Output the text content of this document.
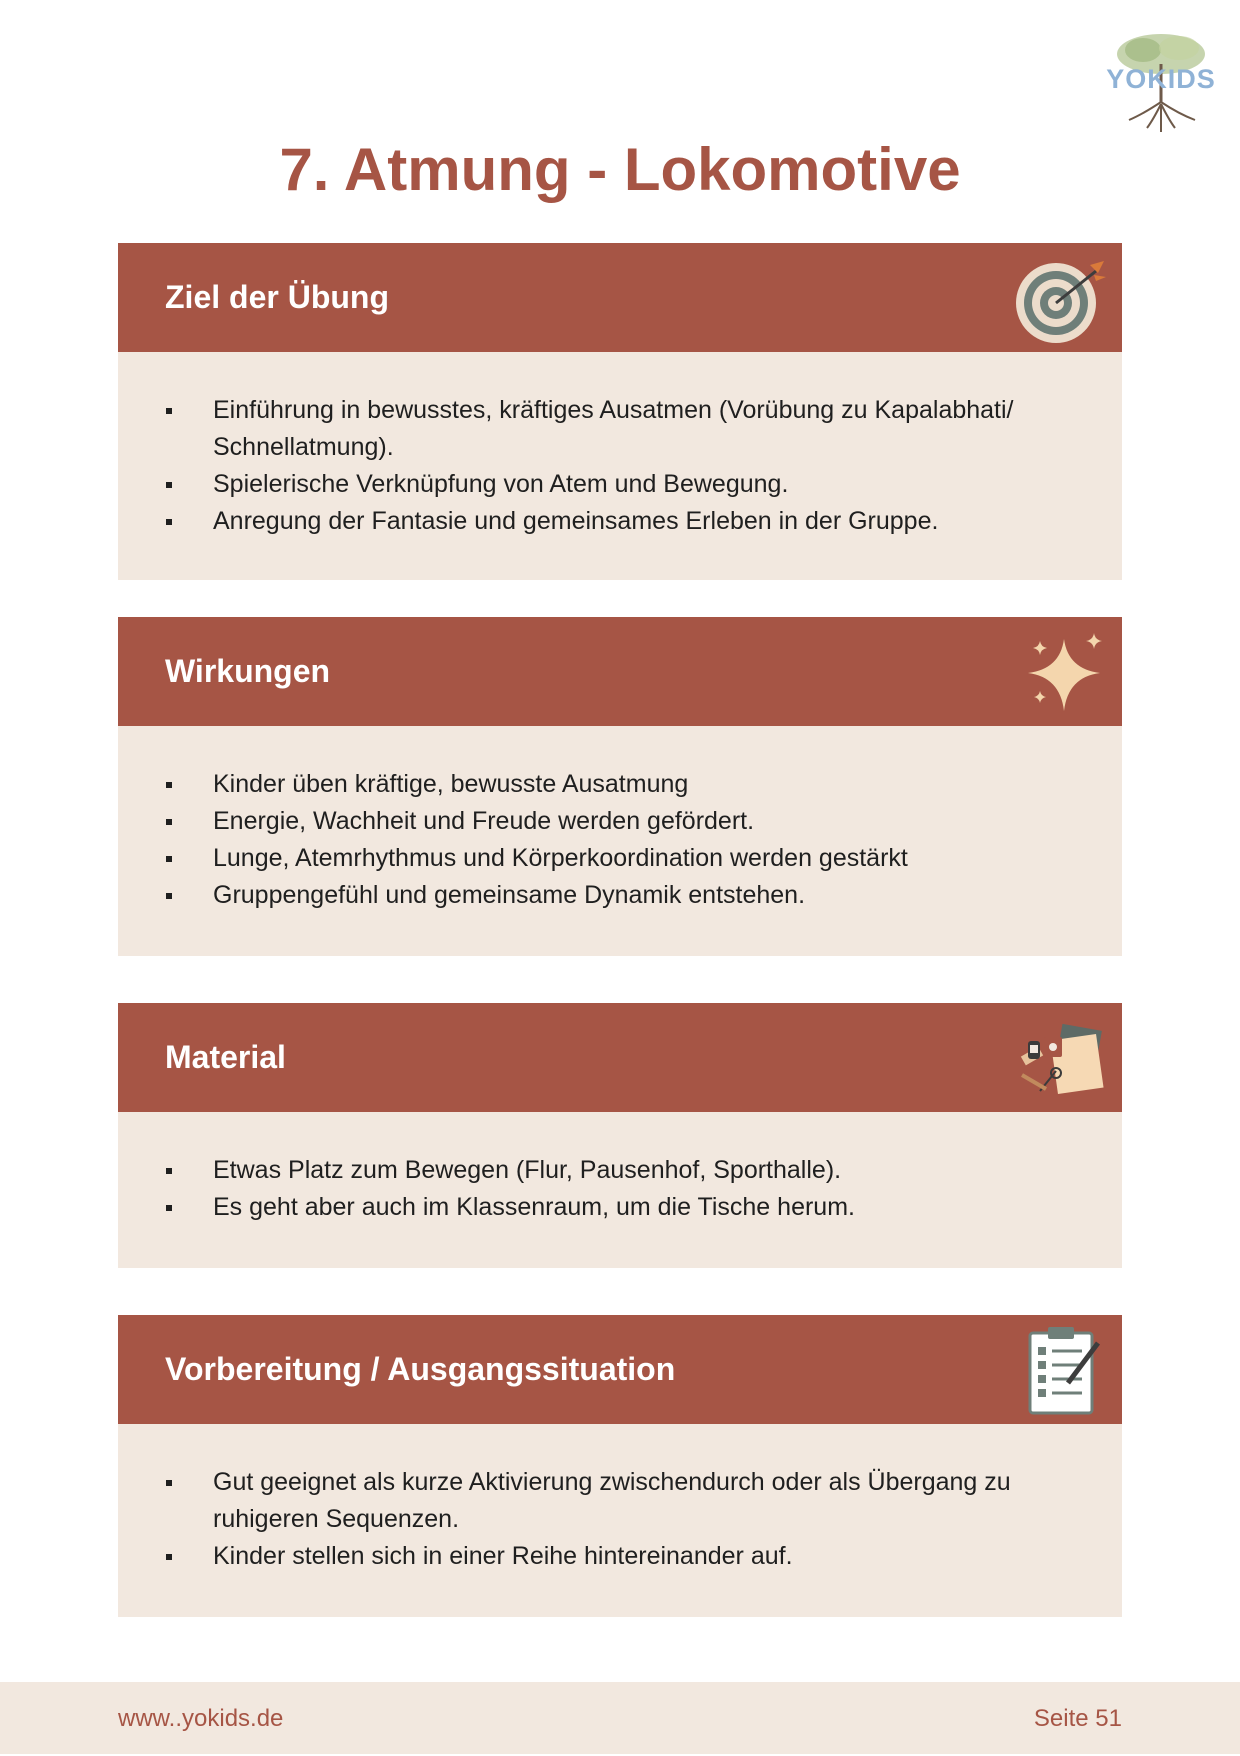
YOKIDS
7. Atmung - Lokomotive
Ziel der Übung
Einführung in bewusstes, kräftiges Ausatmen (Vorübung zu Kapalabhati/ Schnellatmung).
Spielerische Verknüpfung von Atem und Bewegung.
Anregung der Fantasie und gemeinsames Erleben in der Gruppe.
Wirkungen
Kinder üben kräftige, bewusste Ausatmung
Energie, Wachheit und Freude werden gefördert.
Lunge, Atemrhythmus und Körperkoordination werden gestärkt
Gruppengefühl und gemeinsame Dynamik entstehen.
Material
Etwas Platz zum Bewegen (Flur, Pausenhof, Sporthalle).
Es geht aber auch im Klassenraum, um die Tische herum.
Vorbereitung / Ausgangssituation
Gut geeignet als kurze Aktivierung zwischendurch oder als Übergang zu ruhigeren Sequenzen.
Kinder stellen sich in einer Reihe hintereinander auf.
www..yokids.de	Seite 51
